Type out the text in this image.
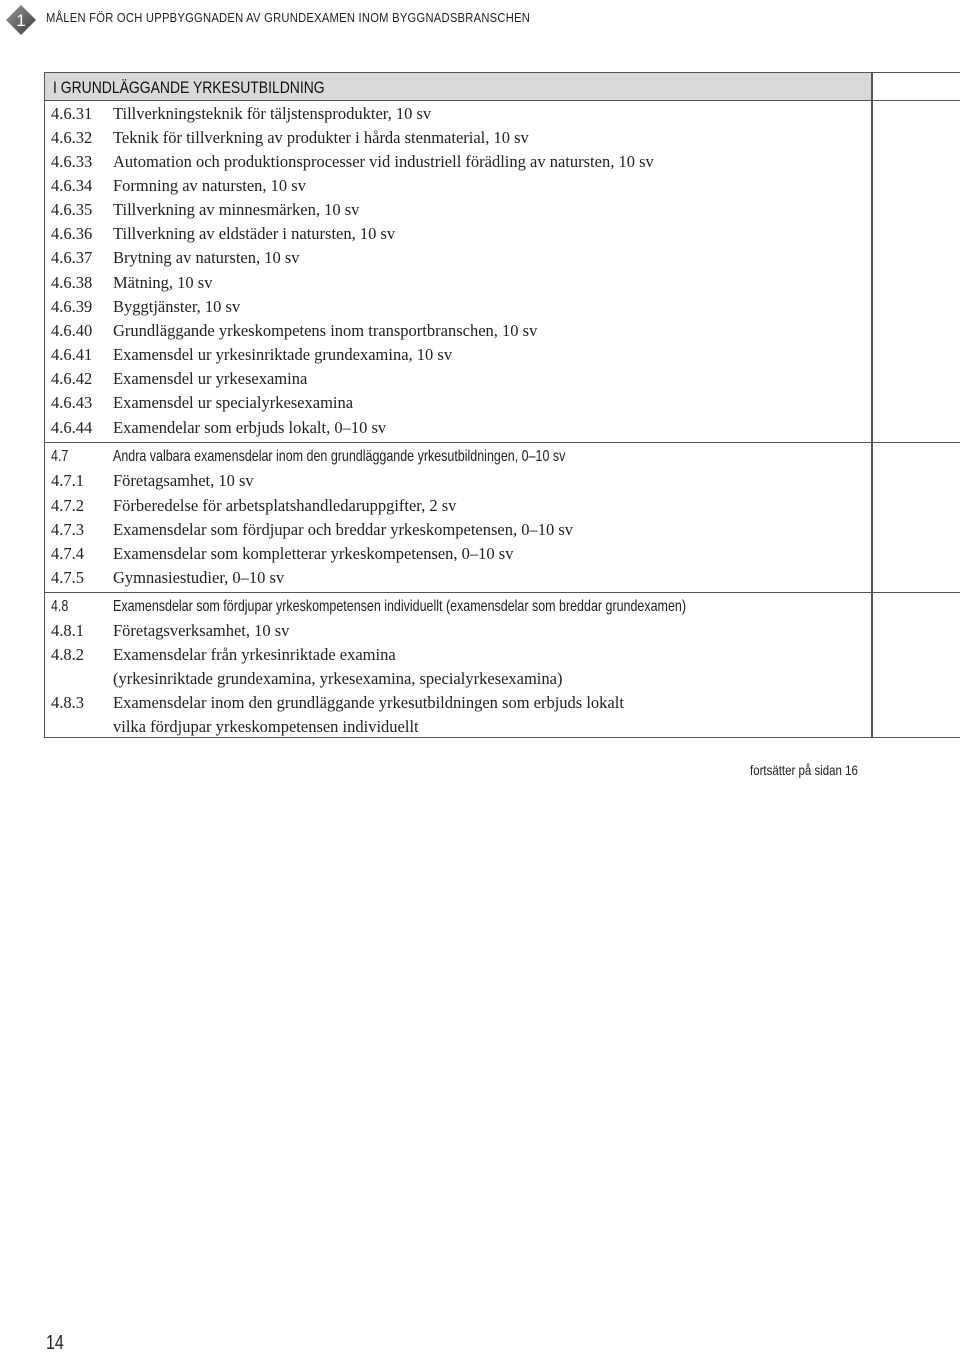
1 MÅLEN FÖR OCH UPPBYGGNADEN AV GRUNDEXAMEN INOM BYGGNADSBRANSCHEN
I GRUNDLÄGGANDE YRKESUTBILDNING
4.6.31 Tillverkningsteknik för täljstensprodukter, 10 sv
4.6.32 Teknik för tillverkning av produkter i hårda stenmaterial, 10 sv
4.6.33 Automation och produktionsprocesser vid industriell förädling av natursten, 10 sv
4.6.34 Formning av natursten, 10 sv
4.6.35 Tillverkning av minnesmärken, 10 sv
4.6.36 Tillverkning av eldstäder i natursten, 10 sv
4.6.37 Brytning av natursten, 10 sv
4.6.38 Mätning, 10 sv
4.6.39 Byggtjänster, 10 sv
4.6.40 Grundläggande yrkeskompetens inom transportbranschen, 10 sv
4.6.41 Examensdel ur yrkesinriktade grundexamina, 10 sv
4.6.42 Examensdel ur yrkesexamina
4.6.43 Examensdel ur specialyrkesexamina
4.6.44 Examendelar som erbjuds lokalt, 0–10 sv
4.7	Andra valbara examensdelar inom den grundläggande yrkesutbildningen, 0–10 sv
4.7.1 Företagsamhet, 10 sv
4.7.2 Förberedelse för arbetsplatshandledaruppgifter, 2 sv
4.7.3 Examensdelar som fördjupar och breddar yrkeskompetensen, 0–10 sv
4.7.4 Examensdelar som kompletterar yrkeskompetensen, 0–10 sv
4.7.5 Gymnasiestudier, 0–10 sv
4.8	Examensdelar som fördjupar yrkeskompetensen individuellt (examensdelar som breddar grundexamen)
4.8.1 Företagsverksamhet, 10 sv
4.8.2 Examensdelar från yrkesinriktade examina
(yrkesinriktade grundexamina, yrkesexamina, specialyrkesexamina)
4.8.3 Examensdelar inom den grundläggande yrkesutbildningen som erbjuds lokalt
vilka fördjupar yrkeskompetensen individuellt
fortsätter på sidan 16
14
